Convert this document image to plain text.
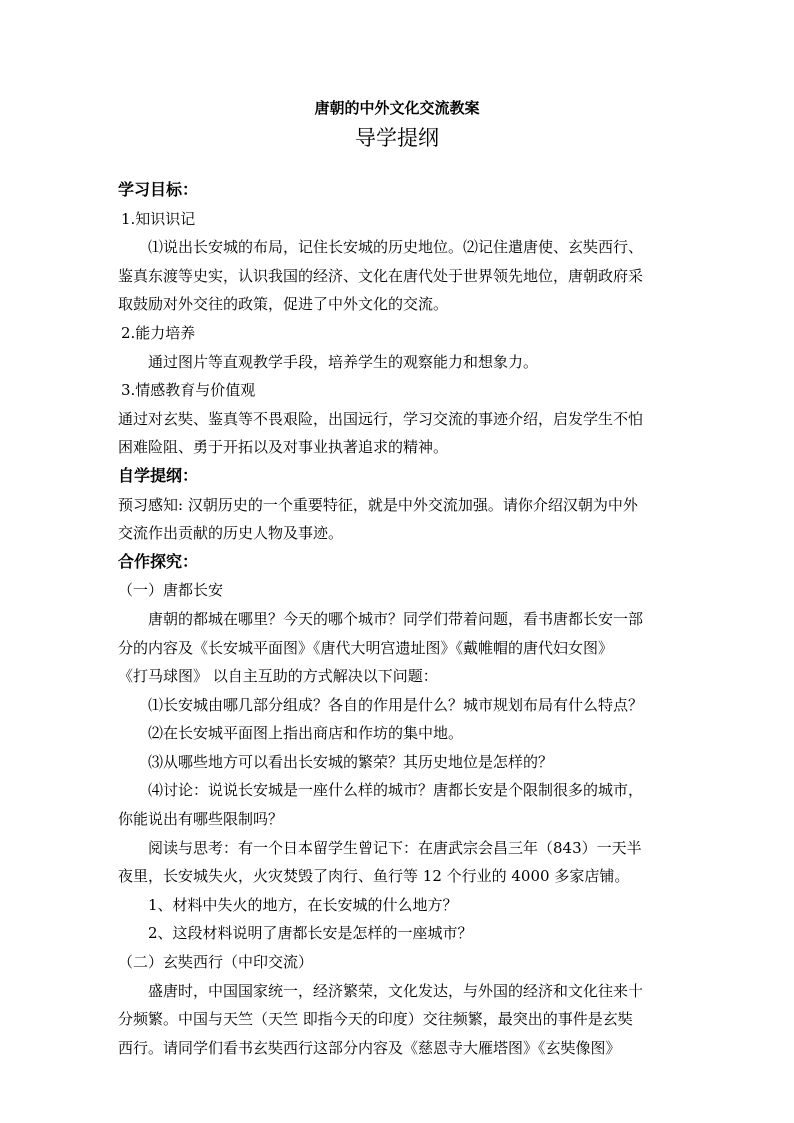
唐朝的中外文化交流教案
导学提纲
学习目标：
1.知识识记
⑴说出长安城的布局，记住长安城的历史地位。⑵记住遣唐使、玄奘西行、
鉴真东渡等史实，认识我国的经济、文化在唐代处于世界领先地位，唐朝政府采
取鼓励对外交往的政策，促进了中外文化的交流。
2.能力培养
通过图片等直观教学手段，培养学生的观察能力和想象力。
3.情感教育与价值观
通过对玄奘、鉴真等不畏艰险，出国远行，学习交流的事迹介绍，启发学生不怕
困难险阻、勇于开拓以及对事业执著追求的精神。
自学提纲：
预习感知: 汉朝历史的一个重要特征，就是中外交流加强。请你介绍汉朝为中外
交流作出贡献的历史人物及事迹。
合作探究：
（一）唐都长安
唐朝的都城在哪里？今天的哪个城市？同学们带着问题，看书唐都长安一部
分的内容及《长安城平面图》《唐代大明宫遗址图》《戴帷帽的唐代妇女图》
《打马球图》 以自主互助的方式解决以下问题：
⑴长安城由哪几部分组成？各自的作用是什么？城市规划布局有什么特点？
⑵在长安城平面图上指出商店和作坊的集中地。
⑶从哪些地方可以看出长安城的繁荣？其历史地位是怎样的？
⑷讨论：说说长安城是一座什么样的城市？唐都长安是个限制很多的城市，
你能说出有哪些限制吗？
阅读与思考：有一个日本留学生曾记下：在唐武宗会昌三年（843）一天半
夜里，长安城失火，火灾焚毁了肉行、鱼行等 12 个行业的 4000 多家店铺。
1、材料中失火的地方，在长安城的什么地方？
2、这段材料说明了唐都长安是怎样的一座城市？
（二）玄奘西行（中印交流）
盛唐时，中国国家统一，经济繁荣，文化发达，与外国的经济和文化往来十
分频繁。中国与天竺（天竺 即指今天的印度）交往频繁，最突出的事件是玄奘
西行。请同学们看书玄奘西行这部分内容及《慈恩寺大雁塔图》《玄奘像图》
